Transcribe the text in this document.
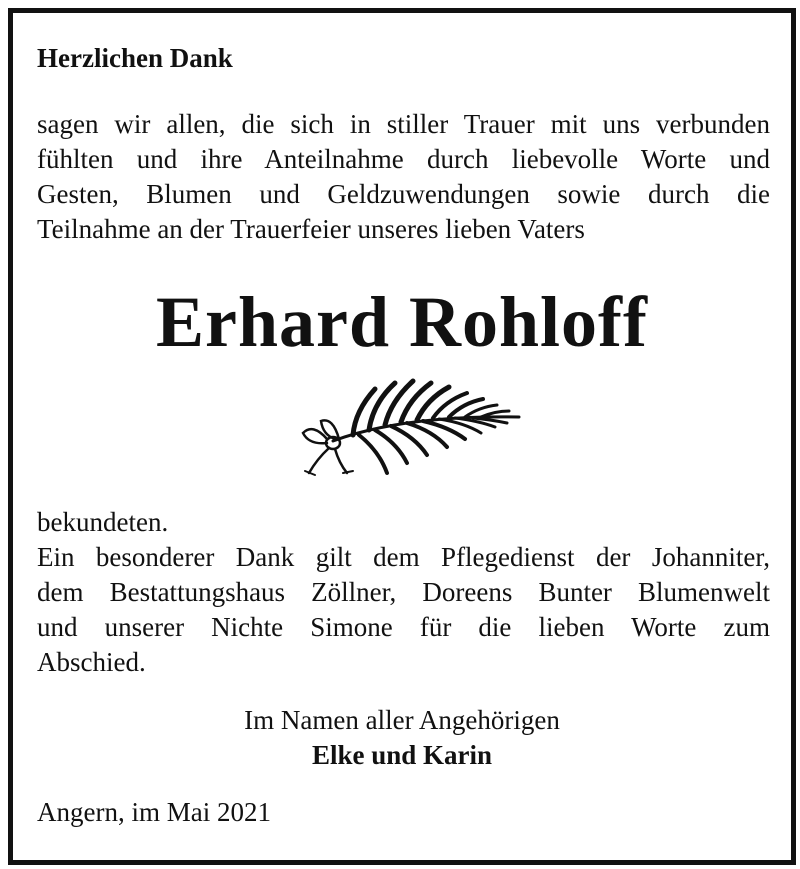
Herzlichen Dank
sagen wir allen, die sich in stiller Trauer mit uns verbunden
fühlten und ihre Anteilnahme durch liebevolle Worte und
Gesten, Blumen und Geldzuwendungen sowie durch die
Teilnahme an der Trauerfeier unseres lieben Vaters
Erhard Rohloff
bekundeten.
Ein besonderer Dank gilt dem Pflegedienst der Johanniter,
dem Bestattungshaus Zöllner, Doreens Bunter Blumenwelt
und unserer Nichte Simone für die lieben Worte zum
Abschied.
Im Namen aller Angehörigen
Elke und Karin
Angern, im Mai 2021
